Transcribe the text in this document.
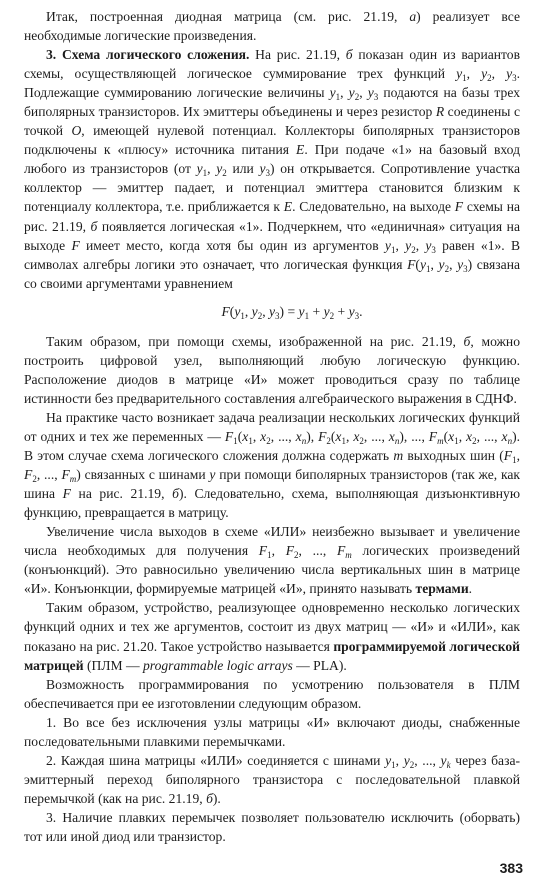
Итак, построенная диодная матрица (см. рис. 21.19, а) реализует все необходимые логические произведения.

3. Схема логического сложения. На рис. 21.19, б показан один из вариантов схемы, осуществляющей логическое суммирование трех функций $y_1$, $y_2$, $y_3$. Подлежащие суммированию логические величины $y_1$, $y_2$, $y_3$ подаются на базы трех биполярных транзисторов. Их эмиттеры объединены и через резистор R соединены с точкой O, имеющей нулевой потенциал. Коллекторы биполярных транзисторов подключены к «плюсу» источника питания E. При подаче «1» на базовый вход любого из транзисторов (от $y_1$, $y_2$ или $y_3$) он открывается. Сопротивление участка коллектор — эмиттер падает, и потенциал эмиттера становится близким к потенциалу коллектора, т.е. приближается к E. Следовательно, на выходе F схемы на рис. 21.19, б появляется логическая «1». Подчеркнем, что «единичная» ситуация на выходе F имеет место, когда хотя бы один из аргументов $y_1$, $y_2$, $y_3$ равен «1». В символах алгебры логики это означает, что логическая функция $F(y_1$, $y_2$, $y_3$) связана со своими аргументами уравнением

$F(y_1$, $y_2$, $y_3) = y_1 + y_2 + y_3$.

Таким образом, при помощи схемы, изображенной на рис. 21.19, б, можно построить цифровой узел, выполняющий любую логическую функцию. Расположение диодов в матрице «И» может проводиться сразу по таблице истинности без предварительного составления алгебраического выражения в СДНФ.

На практике часто возникает задача реализации нескольких логических функций от одних и тех же переменных — $F_1(x_1$, $x_2$, ..., $x_n$), $F_2(x_1$, $x_2$, ..., $x_n$), ..., $F_m(x_1$, $x_2$, ..., $x_n$). В этом случае схема логического сложения должна содержать m выходных шин ($F_1$, $F_2$, ..., $F_m$) связанных с шинами y при помощи биполярных транзисторов (так же, как шина F на рис. 21.19, б). Следовательно, схема, выполняющая дизъюнктивную функцию, превращается в матрицу.

Увеличение числа выходов в схеме «ИЛИ» неизбежно вызывает и увеличение числа необходимых для получения $F_1$, $F_2$, ..., $F_m$ логических произведений (конъюнкций). Это равносильно увеличению числа вертикальных шин в матрице «И». Конъюнкции, формируемые матрицей «И», принято называть термами.

Таким образом, устройство, реализующее одновременно несколько логических функций одних и тех же аргументов, состоит из двух матриц — «И» и «ИЛИ», как показано на рис. 21.20. Такое устройство называется программируемой логической матрицей (ПЛМ — programmable logic arrays — PLA).

Возможность программирования по усмотрению пользователя в ПЛМ обеспечивается при ее изготовлении следующим образом.

1. Во все без исключения узлы матрицы «И» включают диоды, снабженные последовательными плавкими перемычками.

2. Каждая шина матрицы «ИЛИ» соединяется с шинами $y_1$, $y_2$, ..., $y_k$ через база-эмиттерный переход биполярного транзистора с последовательной плавкой перемычкой (как на рис. 21.19, б).

3. Наличие плавких перемычек позволяет пользователю исключить (оборвать) тот или иной диод или транзистор.

383
